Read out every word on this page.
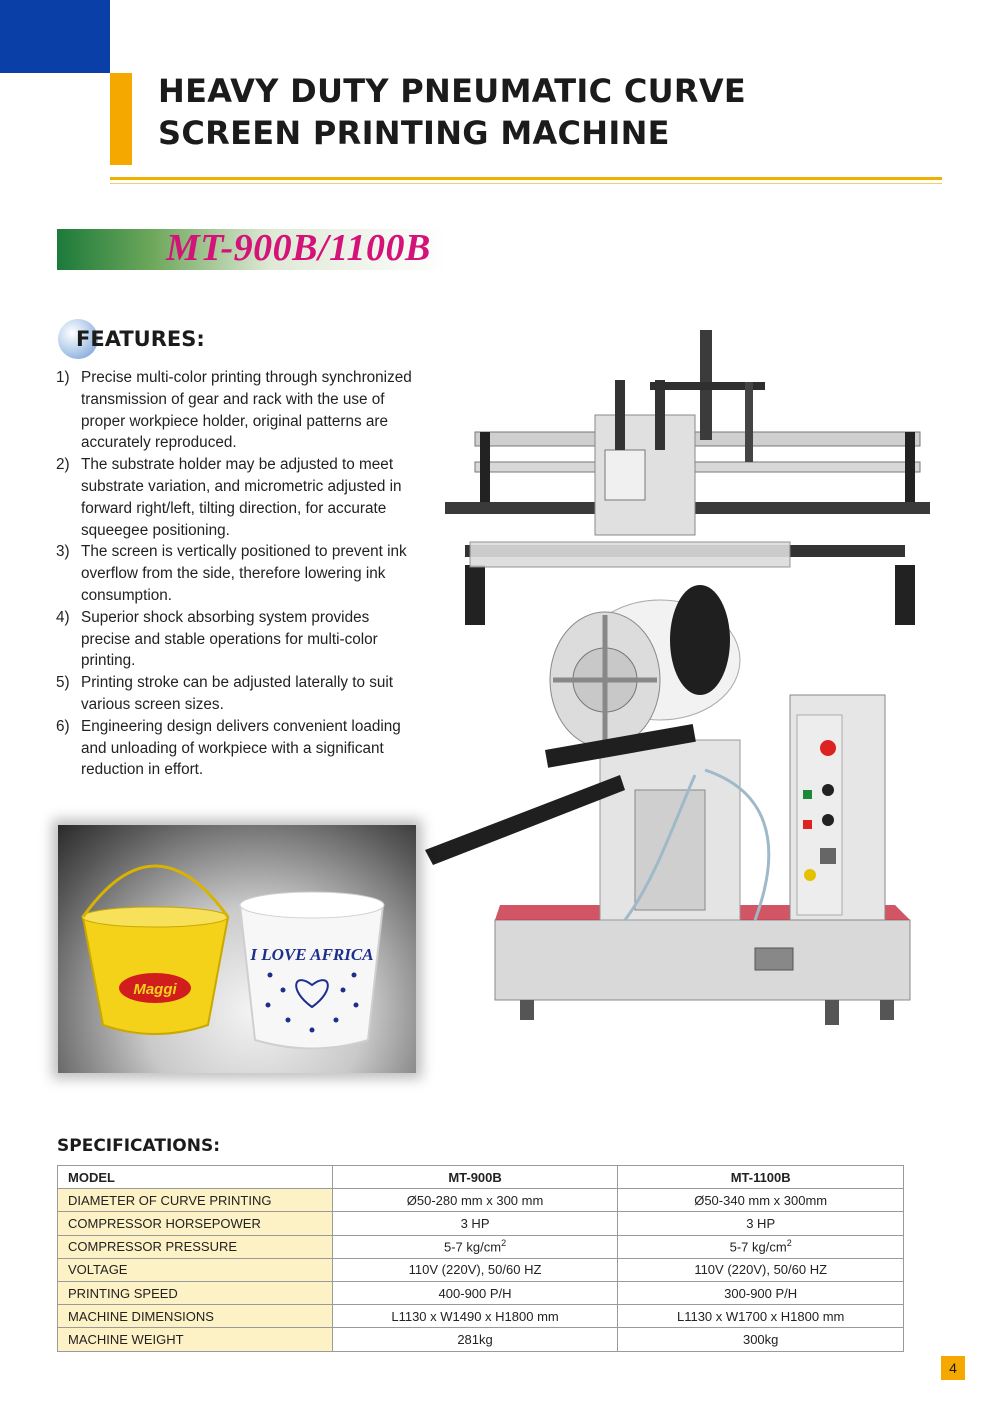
HEAVY DUTY PNEUMATIC CURVE
SCREEN PRINTING MACHINE
MT-900B/1100B
FEATURES:
1) Precise multi-color printing through synchronized transmission of gear and rack with the use of proper workpiece holder, original patterns are accurately reproduced.
2) The substrate holder may be adjusted to meet substrate variation, and micrometric adjusted in forward right/left, tilting direction, for accurate squeegee positioning.
3) The screen is vertically positioned to prevent ink overflow from the side, therefore lowering ink consumption.
4) Superior shock absorbing system provides precise and stable operations for multi-color printing.
5) Printing stroke can be adjusted laterally to suit various screen sizes.
6) Engineering design delivers convenient loading and unloading of workpiece with a significant reduction in effort.
Maggi
I LOVE AFRICA
SPECIFICATIONS:
MODEL	MT-900B	MT-1100B
DIAMETER OF CURVE PRINTING	Ø50-280 mm x 300 mm	Ø50-340 mm x 300mm
COMPRESSOR HORSEPOWER	3 HP	3 HP
COMPRESSOR PRESSURE	5-7 $kg/cm^2$	5-7 $kg/cm^2$
VOLTAGE	110V (220V), 50/60 HZ	110V (220V), 50/60 HZ
PRINTING SPEED	400-900 P/H	300-900 P/H
MACHINE DIMENSIONS	L1130 x W1490 x H1800 mm	L1130 x W1700 x H1800 mm
MACHINE WEIGHT	281kg	300kg
4
